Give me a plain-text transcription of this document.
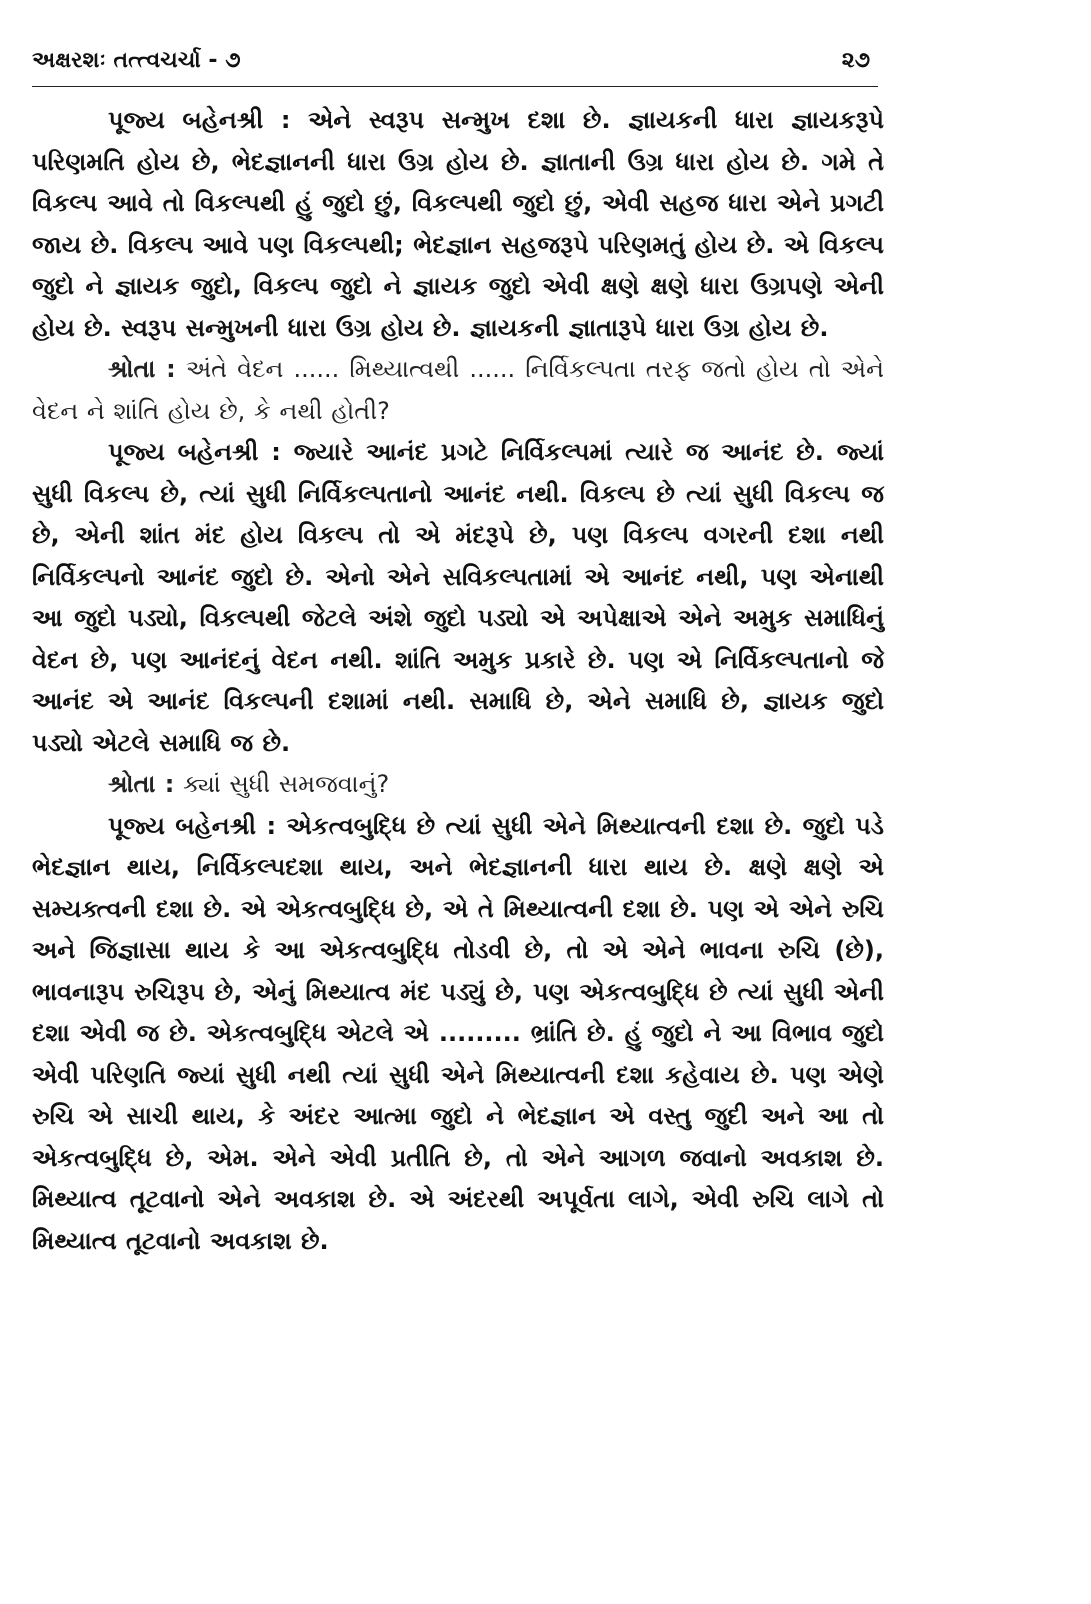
અક્ષરશઃ તત્ત્વચર્ચા - ૭	૨૭

પૂજ્ય બહેનશ્રી : એને સ્વરૂપ સન્મુખ દશા છે. જ્ઞાયકની ધારા જ્ઞાયકરૂપે પરિણમતિ હોય છે, ભેદજ્ઞાનની ધારા ઉગ્ર હોય છે. જ્ઞાતાની ઉગ્ર ધારા હોય છે. ગમે તે વિકલ્પ આવે તો વિકલ્પથી હું જુદો છું, વિકલ્પથી જુદો છું, એવી સહજ ધારા એને પ્રગટી જાય છે. વિકલ્પ આવે પણ વિકલ્પથી; ભેદજ્ઞાન સહજરૂપે પરિણમતું હોય છે. એ વિકલ્પ જુદો ને જ્ઞાયક જુદો, વિકલ્પ જુદો ને જ્ઞાયક જુદો એવી ક્ષણે ક્ષણે ધારા ઉગ્રપણે એની હોય છે. સ્વરૂપ સન્મુખની ધારા ઉગ્ર હોય છે. જ્ઞાયકની જ્ઞાતારૂપે ધારા ઉગ્ર હોય છે.

શ્રોતા : અંતે વેદન ...... મિથ્યાત્વથી ...... નિર્વિકલ્પતા તરફ જતો હોય તો એને વેદન ને શાંતિ હોય છે, કે નથી હોતી?

પૂજ્ય બહેનશ્રી : જ્યારે આનંદ પ્રગટે નિર્વિકલ્પમાં ત્યારે જ આનંદ છે. જ્યાં સુધી વિકલ્પ છે, ત્યાં સુધી નિર્વિકલ્પતાનો આનંદ નથી. વિકલ્પ છે ત્યાં સુધી વિકલ્પ જ છે, એની શાંત મંદ હોય વિકલ્પ તો એ મંદરૂપે છે, પણ વિકલ્પ વગરની દશા નથી નિર્વિકલ્પનો આનંદ જુદો છે. એનો એને સવિકલ્પતામાં એ આનંદ નથી, પણ એનાથી આ જુદો પડ્યો, વિકલ્પથી જેટલે અંશે જુદો પડ્યો એ અપેક્ષાએ એને અમુક સમાધિનું વેદન છે, પણ આનંદનું વેદન નથી. શાંતિ અમુક પ્રકારે છે. પણ એ નિર્વિકલ્પતાનો જે આનંદ એ આનંદ વિકલ્પની દશામાં નથી. સમાધિ છે, એને સમાધિ છે, જ્ઞાયક જુદો પડ્યો એટલે સમાધિ જ છે.

શ્રોતા : ક્યાં સુધી સમજવાનું?

પૂજ્ય બહેનશ્રી : એકત્વબુદ્ધિ છે ત્યાં સુધી એને મિથ્યાત્વની દશા છે. જુદો પડે ભેદજ્ઞાન થાય, નિર્વિકલ્પદશા થાય, અને ભેદજ્ઞાનની ધારા થાય છે. ક્ષણે ક્ષણે એ સમ્યક્ત્વની દશા છે. એ એકત્વબુદ્ધિ છે, એ તે મિથ્યાત્વની દશા છે. પણ એ એને રુચિ અને જિજ્ઞાસા થાય કે આ એકત્વબુદ્ધિ તોડવી છે, તો એ એને ભાવના રુચિ (છે), ભાવનારૂપ રુચિરૂપ છે, એનું મિથ્યાત્વ મંદ પડ્યું છે, પણ એકત્વબુદ્ધિ છે ત્યાં સુધી એની દશા એવી જ છે. એકત્વબુદ્ધિ એટલે એ ......... ભ્રાંતિ છે. હું જુદો ને આ વિભાવ જુદો એવી પરિણતિ જ્યાં સુધી નથી ત્યાં સુધી એને મિથ્યાત્વની દશા કહેવાય છે. પણ એણે રુચિ એ સાચી થાય, કે અંદર આત્મા જુદો ને ભેદજ્ઞાન એ વસ્તુ જુદી અને આ તો એકત્વબુદ્ધિ છે, એમ. એને એવી પ્રતીતિ છે, તો એને આગળ જવાનો અવકાશ છે. મિથ્યાત્વ તૂટવાનો એને અવકાશ છે. એ અંદરથી અપૂર્વતા લાગે, એવી રુચિ લાગે તો મિથ્યાત્વ તૂટવાનો અવકાશ છે.
